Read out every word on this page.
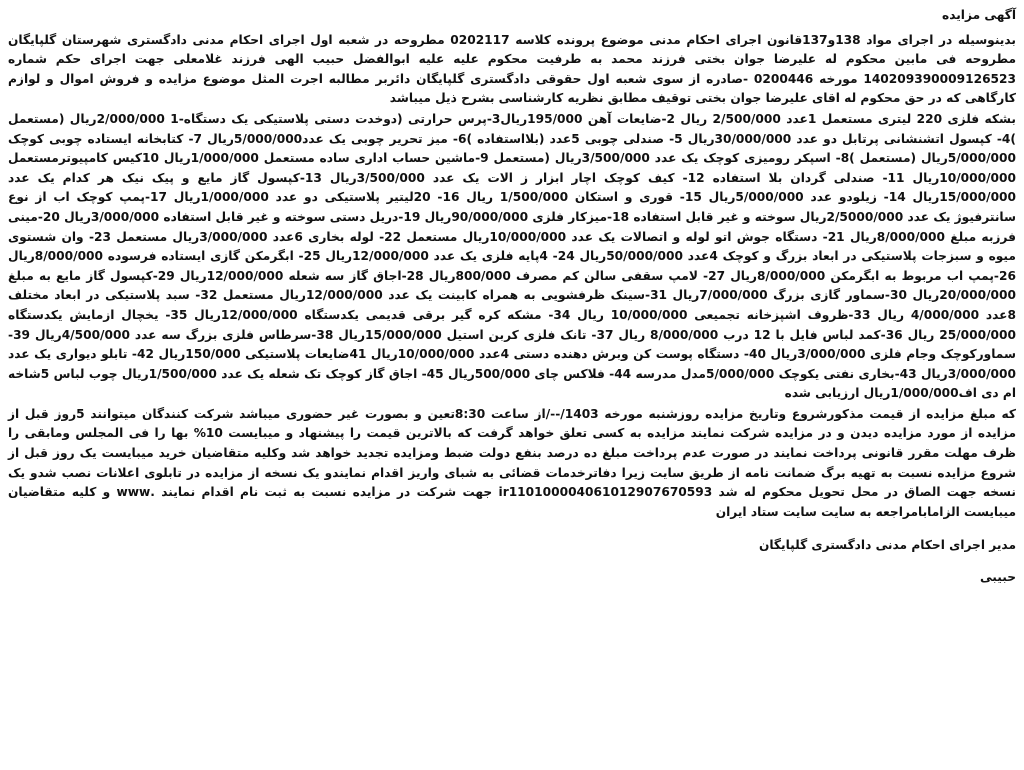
آگهی مزایده

بدینوسیله در اجرای مواد 138و137قانون اجرای احکام مدنی موضوع پرونده کلاسه 0202117 مطروحه در شعبه اول اجرای احکام مدنی دادگستری شهرستان گلپایگان مطروحه فی مابین محکوم له علیرضا جوان بختی فرزند محمد به طرفیت محکوم علیه علیه ابوالفضل حبیب الهی فرزند غلامعلی جهت اجرای حکم شماره 140209390009126523 مورخه 0200446 -صادره از سوی شعبه اول حقوقی دادگستری گلپایگان دائربر مطالبه اجرت المثل موضوع مزایده و فروش اموال و لوازم کارگاهی که در حق محکوم له اقای علیرضا جوان بختی توقیف مطابق نظریه کارشناسی بشرح ذیل میباشد

بشکه فلزی 220 لیتری مستعمل 1عدد 2/500/000 ریال 2-ضایعات آهن 195/000ریال3-پرس حرارتی (دوخدت دستی پلاستیکی یک دستگاه-1 2/000/000ریال (مستعمل )4- کپسول اتشنشانی پرتابل دو عدد 30/000/000ریال 5- صندلی چوبی 5عدد (بلااستفاده )6- میز تحریر چوبی یک عدد5/000/000ریال 7- کتابخانه ایستاده چوبی کوچک 5/000/000ریال (مستعمل )8- اسپکر رومیزی کوچک یک عدد 3/500/000ریال (مستعمل 9-ماشین حساب اداری ساده مستعمل 1/000/000ریال 10کیس کامپیوترمستعمل 10/000/000ریال 11- صندلی گردان بلا استفاده 12- کیف کوچک اچار ابزار ز الات یک عدد 3/500/000ریال 13-کپسول گاز مایع و پیک نیک هر کدام یک عدد 15/000/000ریال 14- زیلودو عدد 5/000/000ریال 15- قوری و استکان 1/500/000 ریال 16- 20لیتیر پلاستیکی دو عدد 1/000/000ریال 17-پمپ کوچک اب از نوع سانترفیوژ یک عدد 2/5000/000ریال سوخته و غیر قابل استفاده 18-میزکار فلزی 90/000/000ریال 19-دریل دستی سوخته و غیر قابل استفاده 3/000/000ریال 20-مینی فرزبه مبلغ 8/000/000ریال 21- دستگاه جوش اتو لوله و اتصالات یک عدد 10/000/000ریال مستعمل 22- لوله بخاری 6عدد 3/000/000ریال مستعمل 23- وان شستوی میوه و سبزجات پلاستیکی در ابعاد بزرگ و کوچک 4عدد 50/000/000ریال 24- 4پایه فلزی یک عدد 12/000/000ریال 25- ابگرمکن گازی ایستاده فرسوده 8/000/000ریال 26-پمپ اب مربوط به ابگرمکن 8/000/000ریال 27- لامپ سقفی سالن کم مصرف 800/000ریال 28-اجاق گاز سه شعله 12/000/000ریال 29-کپسول گاز مایع به مبلغ 20/000/000ریال 30-سماور گازی بزرگ 7/000/000ریال 31-سینک ظرفشویی به همراه کابینت یک عدد 12/000/000ریال مستعمل 32- سبد پلاستیکی در ابعاد مختلف 8عدد 4/000/000 ریال 33-ظروف اشپزخانه تجمیعی 10/000/000 ریال 34- مشکه کره گیر برقی قدیمی یکدستگاه 12/000/000ریال 35- یخچال ازمایش یکدستگاه 25/000/000 ریال 36-کمد لباس فایل با 12 درب 8/000/000 ریال 37- تانک فلزی کربن استیل 15/000/000ریال 38-سرطاس فلزی بزرگ سه عدد 4/500/000ریال 39- سماورکوچک وجام فلزی 3/000/000ریال 40- دستگاه پوست کن وبرش دهنده دستی 4عدد 10/000/000ریال 41ضایعات پلاستیکی 150/000ریال 42- تابلو دیواری یک عدد 3/000/000ریال 43-بخاری نفتی یکوچک 5/000/000مدل مدرسه 44- فلاکس چای 500/000ریال 45- اجاق گاز کوچک تک شعله یک عدد 1/500/000ریال چوب لباس 5شاخه ام دی اف1/000/000ریال ارزیابی شده

که مبلغ مزایده از قیمت مذکورشروع وتاریخ مزایده روزشنبه مورخه 1403/--/از ساعت 8:30تعین و بصورت غیر حضوری میباشد شرکت کنندگان میتوانند 5روز قبل از مزایده از مورد مزایده دیدن و در مزایده شرکت نمایند مزایده به کسی تعلق خواهد گرفت که بالاترین قیمت را پیشنهاد و میبایست 10% بها را فی المجلس ومابقی را ظرف مهلت مقرر قانونی پرداخت نمایند در صورت عدم پرداخت مبلغ ده درصد بنفع دولت ضبط ومزایده تجدید خواهد شد وکلیه متقاضیان خرید میبایست یک روز قبل از شروع مزایده نسبت به تهیه برگ ضمانت نامه از طریق سایت زیرا دفاترخدمات قضائی به شبای واریز اقدام نمایندو یک نسخه از مزایده در تابلوی اعلانات نصب شدو یک نسخه جهت الصاق در محل تحویل محکوم له شد ir110100004061012907670593 جهت شرکت در مزایده نسبت به ثبت نام اقدام نمایند .www و کلیه متقاضیان میبایست الزامابامراجعه به سایت سایت ستاد ایران

مدیر اجرای احکام مدنی دادگستری گلپایگان

حبیبی
